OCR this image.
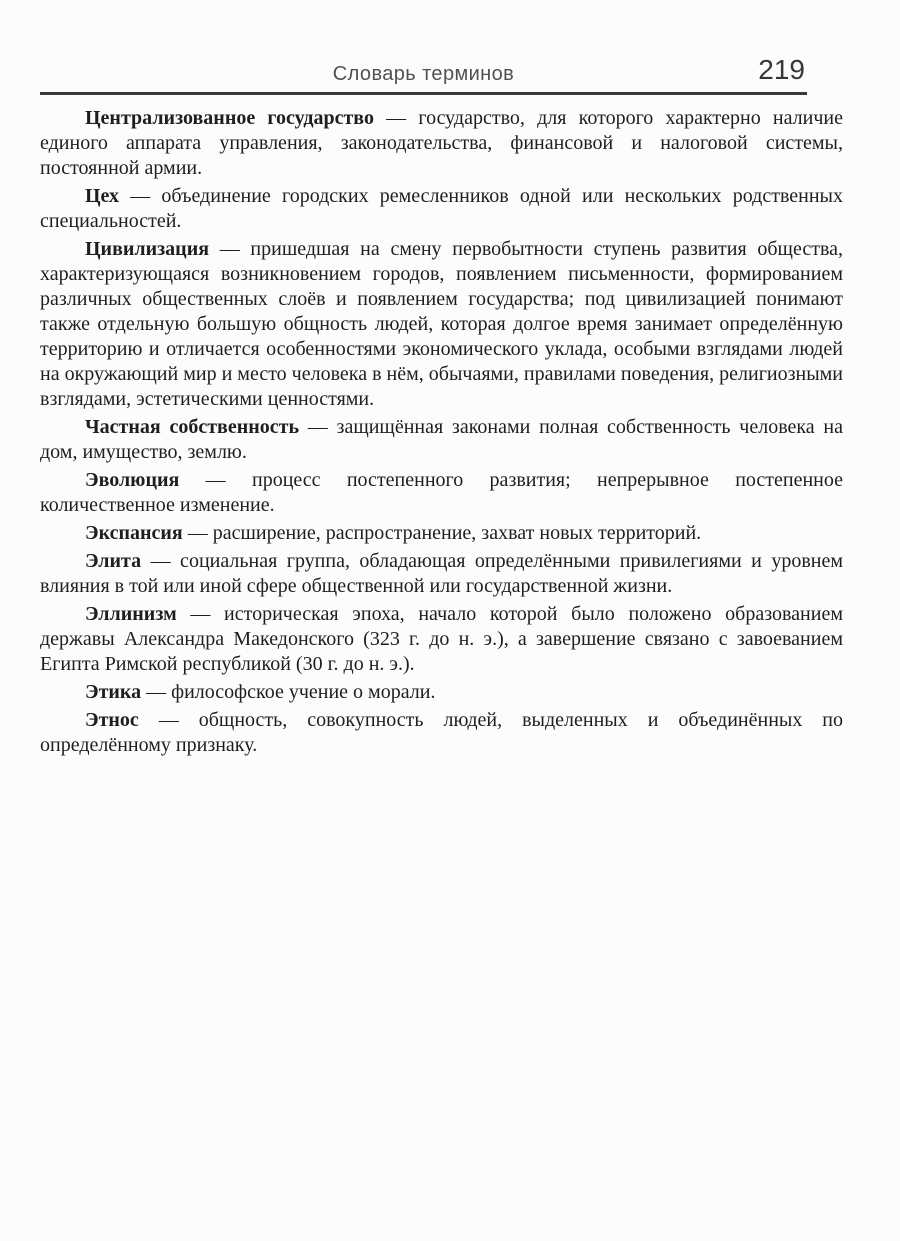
Словарь терминов	219

Централизованное государство — государство, для которого характерно наличие единого аппарата управления, законодательства, финансовой и налоговой системы, постоянной армии.

Цех — объединение городских ремесленников одной или нескольких родственных специальностей.

Цивилизация — пришедшая на смену первобытности ступень развития общества, характеризующаяся возникновением городов, появлением письменности, формированием различных общественных слоёв и появлением государства; под цивилизацией понимают также отдельную большую общность людей, которая долгое время занимает определённую территорию и отличается особенностями экономического уклада, особыми взглядами людей на окружающий мир и место человека в нём, обычаями, правилами поведения, религиозными взглядами, эстетическими ценностями.

Частная собственность — защищённая законами полная собственность человека на дом, имущество, землю.

Эволюция — процесс постепенного развития; непрерывное постепенное количественное изменение.

Экспансия — расширение, распространение, захват новых территорий.

Элита — социальная группа, обладающая определёнными привилегиями и уровнем влияния в той или иной сфере общественной или государственной жизни.

Эллинизм — историческая эпоха, начало которой было положено образованием державы Александра Македонского (323 г. до н. э.), а завершение связано с завоеванием Египта Римской республикой (30 г. до н. э.).

Этика — философское учение о морали.

Этнос — общность, совокупность людей, выделенных и объединённых по определённому признаку.
